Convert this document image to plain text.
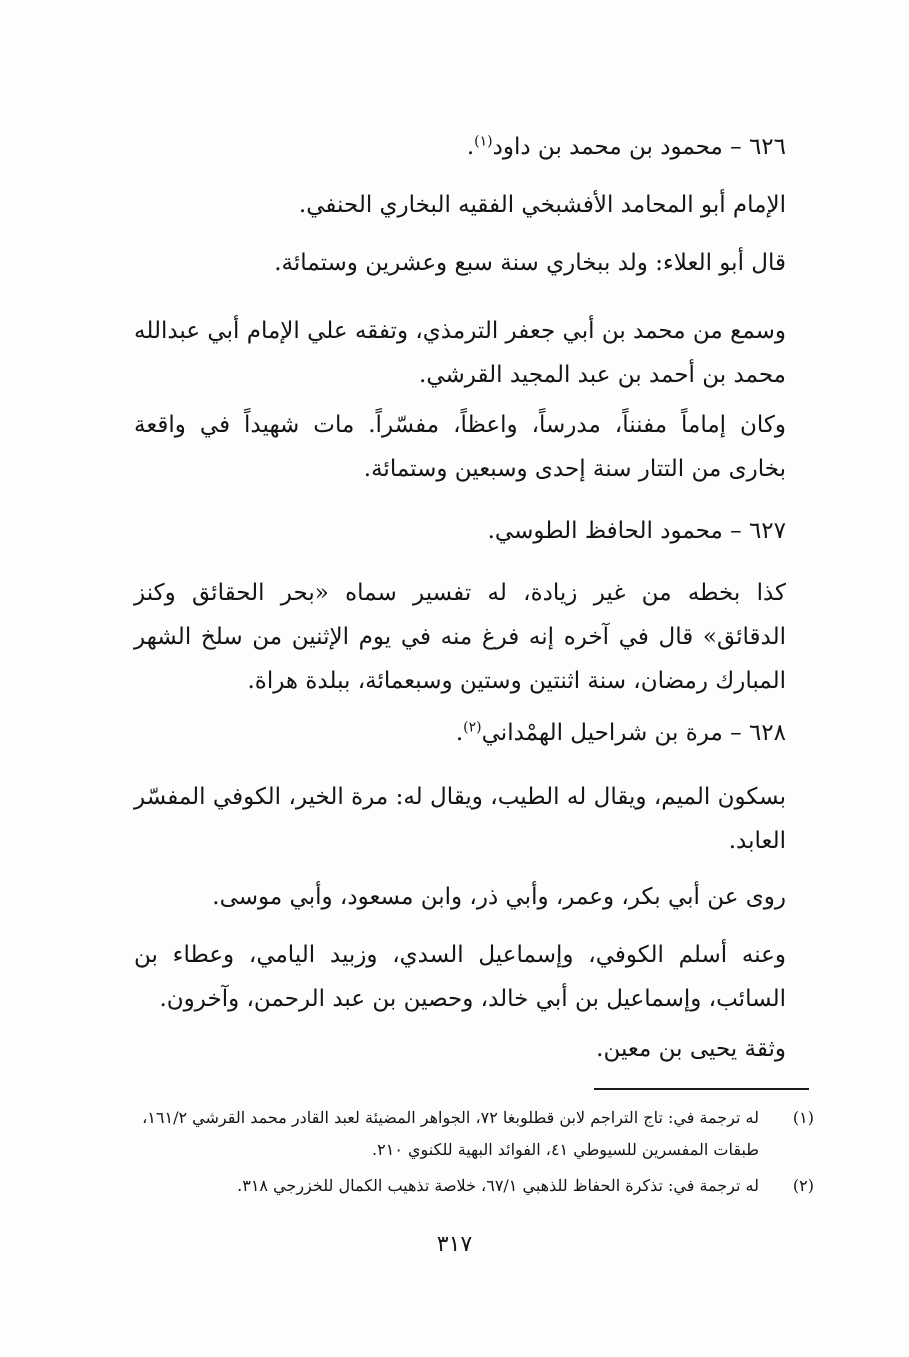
٦٢٦ – محمود بن محمد بن داود$^{(١)}$.

الإمام أبو المحامد الأفشبخي الفقيه البخاري الحنفي.

قال أبو العلاء: ولد ببخاري سنة سبع وعشرين وستمائة.

وسمع من محمد بن أبي جعفر الترمذي، وتفقه علي الإمام أبي عبدالله محمد بن أحمد بن عبد المجيد القرشي.

وكان إماماً مفنناً، مدرساً، واعظاً، مفسّراً. مات شهيداً في واقعة بخارى من التتار سنة إحدى وسبعين وستمائة.

٦٢٧ – محمود الحافظ الطوسي.

كذا بخطه من غير زيادة، له تفسير سماه «بحر الحقائق وكنز الدقائق» قال في آخره إنه فرغ منه في يوم الإثنين من سلخ الشهر المبارك رمضان، سنة اثنتين وستين وسبعمائة، ببلدة هراة.

٦٢٨ – مرة بن شراحيل الهمْداني$^{(٢)}$.

بسكون الميم، ويقال له الطيب، ويقال له: مرة الخير، الكوفي المفسّر العابد.

روى عن أبي بكر، وعمر، وأبي ذر، وابن مسعود، وأبي موسى.

وعنه أسلم الكوفي، وإسماعيل السدي، وزبيد اليامي، وعطاء بن السائب، وإسماعيل بن أبي خالد، وحصين بن عبد الرحمن، وآخرون.

وثقة يحيى بن معين.

(١)
له ترجمة في: تاج التراجم لابن قطلوبغا ٧٢، الجواهر المضيئة لعبد القادر محمد القرشي ١٦١/٢، طبقات المفسرين للسيوطي ٤١، الفوائد البهية للكنوي ٢١٠.

(٢)
له ترجمة في: تذكرة الحفاظ للذهبي ٦٧/١، خلاصة تذهيب الكمال للخزرجي ٣١٨.

٣١٧
